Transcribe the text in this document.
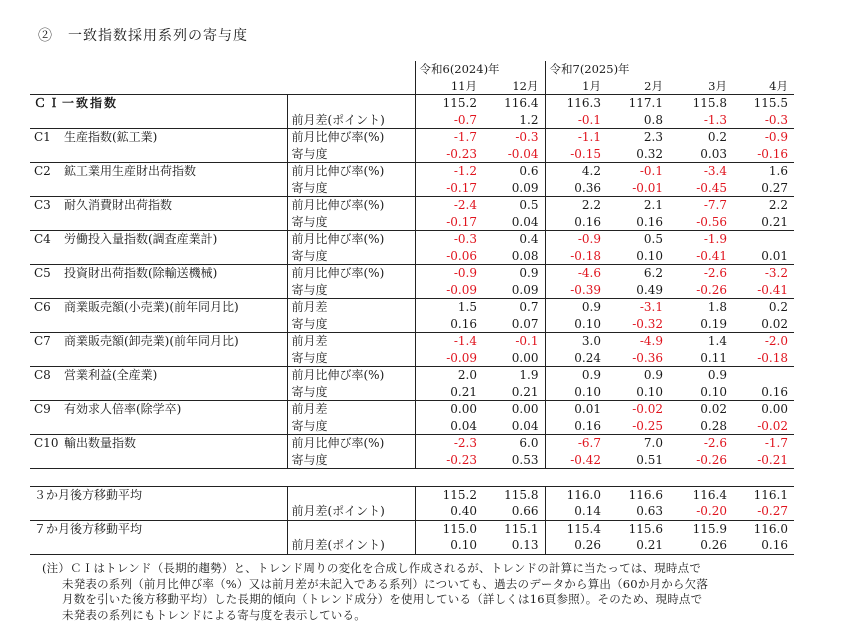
②　一致指数採用系列の寄与度
		令和6(2024)年		令和7(2025)年			
		11月	12月	1月	2月	3月	4月
ＣＩ一致指数		115.2	116.4	116.3	117.1	115.8	115.5
	前月差(ポイント)	-0.7	1.2	-0.1	0.8	-1.3	-0.3
C1 生産指数(鉱工業)	前月比伸び率(%)	-1.7	-0.3	-1.1	2.3	0.2	-0.9
	寄与度	-0.23	-0.04	-0.15	0.32	0.03	-0.16
C2 鉱工業用生産財出荷指数	前月比伸び率(%)	-1.2	0.6	4.2	-0.1	-3.4	1.6
	寄与度	-0.17	0.09	0.36	-0.01	-0.45	0.27
C3 耐久消費財出荷指数	前月比伸び率(%)	-2.4	0.5	2.2	2.1	-7.7	2.2
	寄与度	-0.17	0.04	0.16	0.16	-0.56	0.21
C4 労働投入量指数(調査産業計)	前月比伸び率(%)	-0.3	0.4	-0.9	0.5	-1.9	
	寄与度	-0.06	0.08	-0.18	0.10	-0.41	0.01
C5 投資財出荷指数(除輸送機械)	前月比伸び率(%)	-0.9	0.9	-4.6	6.2	-2.6	-3.2
	寄与度	-0.09	0.09	-0.39	0.49	-0.26	-0.41
C6 商業販売額(小売業)(前年同月比)	前月差	1.5	0.7	0.9	-3.1	1.8	0.2
	寄与度	0.16	0.07	0.10	-0.32	0.19	0.02
C7 商業販売額(卸売業)(前年同月比)	前月差	-1.4	-0.1	3.0	-4.9	1.4	-2.0
	寄与度	-0.09	0.00	0.24	-0.36	0.11	-0.18
C8 営業利益(全産業)	前月比伸び率(%)	2.0	1.9	0.9	0.9	0.9	
	寄与度	0.21	0.21	0.10	0.10	0.10	0.16
C9 有効求人倍率(除学卒)	前月差	0.00	0.00	0.01	-0.02	0.02	0.00
	寄与度	0.04	0.04	0.16	-0.25	0.28	-0.02
C10 輸出数量指数	前月比伸び率(%)	-2.3	6.0	-6.7	7.0	-2.6	-1.7
	寄与度	-0.23	0.53	-0.42	0.51	-0.26	-0.21

３か月後方移動平均		115.2	115.8	116.0	116.6	116.4	116.1
	前月差(ポイント)	0.40	0.66	0.14	0.63	-0.20	-0.27
７か月後方移動平均		115.0	115.1	115.4	115.6	115.9	116.0
	前月差(ポイント)	0.10	0.13	0.26	0.21	0.26	0.16
(注）ＣＩはトレンド（長期的趨勢）と、トレンド周りの変化を合成し作成されるが、トレンドの計算に当たっては、現時点で

未発表の系列（前月比伸び率（%）又は前月差が未記入である系列）についても、過去のデータから算出（60か月から欠落
月数を引いた後方移動平均）した長期的傾向（トレンド成分）を使用している（詳しくは16頁参照）。そのため、現時点で
未発表の系列にもトレンドによる寄与度を表示している。
